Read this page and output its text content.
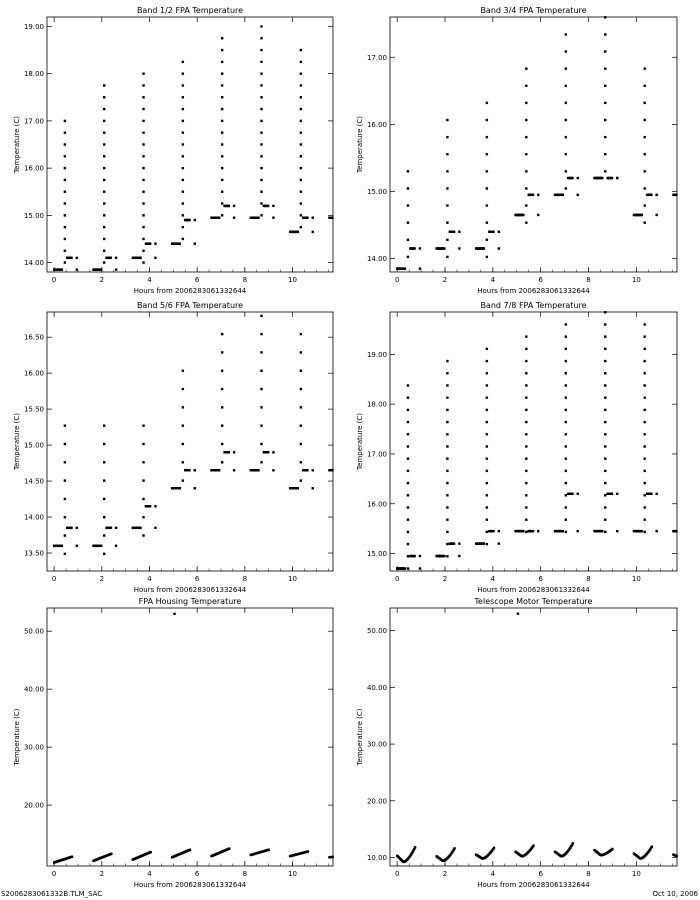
Band 1/2 FPA Temperature
0	2	4	6	8	10
14.00
15.00
16.00
17.00
18.00
19.00
Hours from 2006283061332644
Temperature (C)
Band 3/4 FPA Temperature
0	2	4	6	8	10
14.00
15.00
16.00
17.00
Hours from 2006283061332644
Temperature (C)
Band 5/6 FPA Temperature
0	2	4	6	8	10
13.50
14.00
14.50
15.00
15.50
16.00
16.50
Hours from 2006283061332644
Temperature (C)
Band 7/8 FPA Temperature
0	2	4	6	8	10
15.00
16.00
17.00
18.00
19.00
Hours from 2006283061332644
Temperature (C)
FPA Housing Temperature
0	2	4	6	8	10
20.00
30.00
40.00
50.00
Hours from 2006283061332644
Temperature (C)
Telescope Motor Temperature
0	2	4	6	8	10
10.00
20.00
30.00
40.00
50.00
Hours from 2006283061332644
Temperature (C)
S2006283061332B.TLM_SAC	Oct 10, 2006
